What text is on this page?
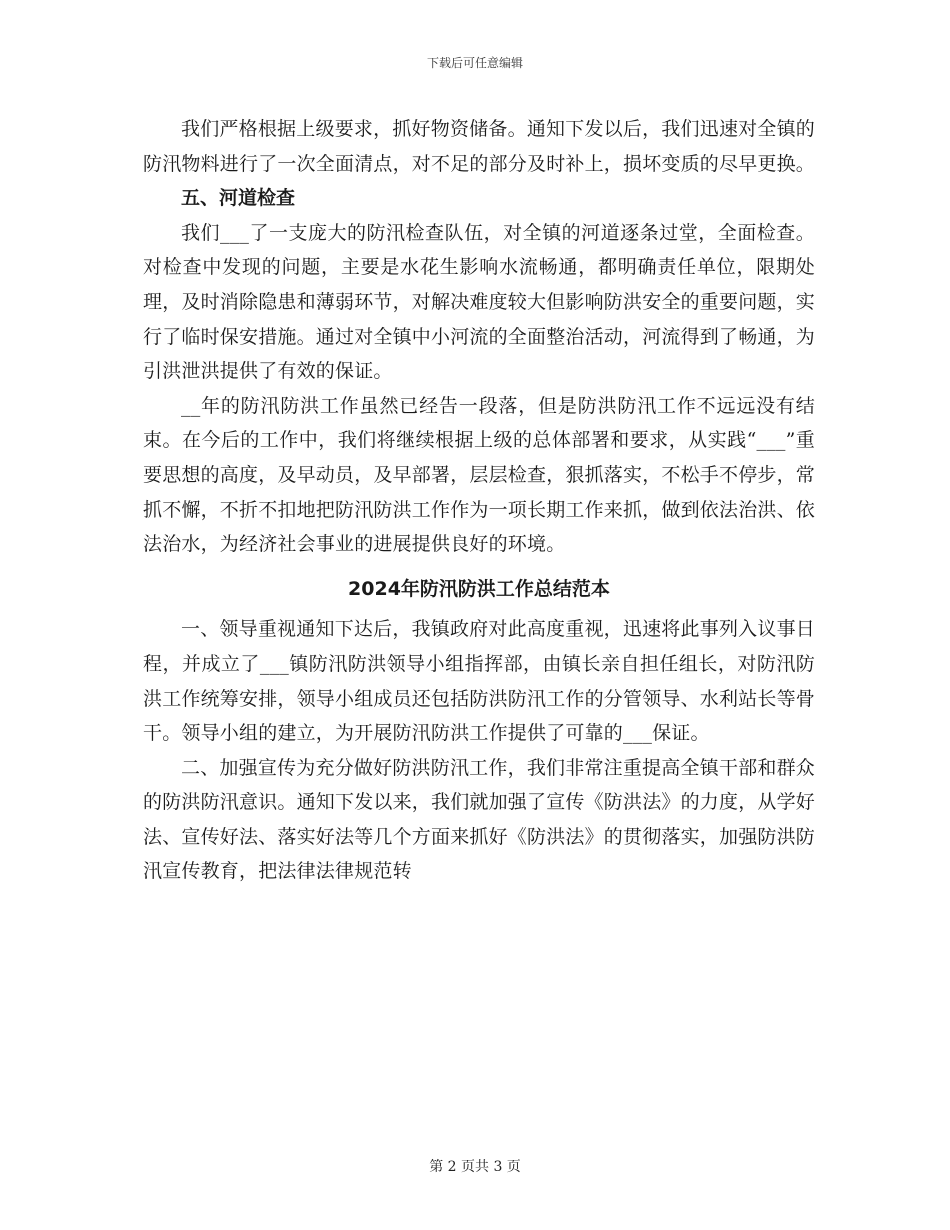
下载后可任意编辑

我们严格根据上级要求，抓好物资储备。通知下发以后，我们迅速对全镇的防汛物料进行了一次全面清点，对不足的部分及时补上，损坏变质的尽早更换。

五、河道检查

我们___了一支庞大的防汛检查队伍，对全镇的河道逐条过堂，全面检查。对检查中发现的问题，主要是水花生影响水流畅通，都明确责任单位，限期处理，及时消除隐患和薄弱环节，对解决难度较大但影响防洪安全的重要问题，实行了临时保安措施。通过对全镇中小河流的全面整治活动，河流得到了畅通，为引洪泄洪提供了有效的保证。

__年的防汛防洪工作虽然已经告一段落，但是防洪防汛工作不远远没有结束。在今后的工作中，我们将继续根据上级的总体部署和要求，从实践“___”重要思想的高度，及早动员，及早部署，层层检查，狠抓落实，不松手不停步，常抓不懈，不折不扣地把防汛防洪工作作为一项长期工作来抓，做到依法治洪、依法治水，为经济社会事业的进展提供良好的环境。

2024年防汛防洪工作总结范本

一、领导重视通知下达后，我镇政府对此高度重视，迅速将此事列入议事日程，并成立了___镇防汛防洪领导小组指挥部，由镇长亲自担任组长，对防汛防洪工作统筹安排，领导小组成员还包括防洪防汛工作的分管领导、水利站长等骨干。领导小组的建立，为开展防汛防洪工作提供了可靠的___保证。

二、加强宣传为充分做好防洪防汛工作，我们非常注重提高全镇干部和群众的防洪防汛意识。通知下发以来，我们就加强了宣传《防洪法》的力度，从学好法、宣传好法、落实好法等几个方面来抓好《防洪法》的贯彻落实，加强防洪防汛宣传教育，把法律法律规范转

第 2 页共 3 页
